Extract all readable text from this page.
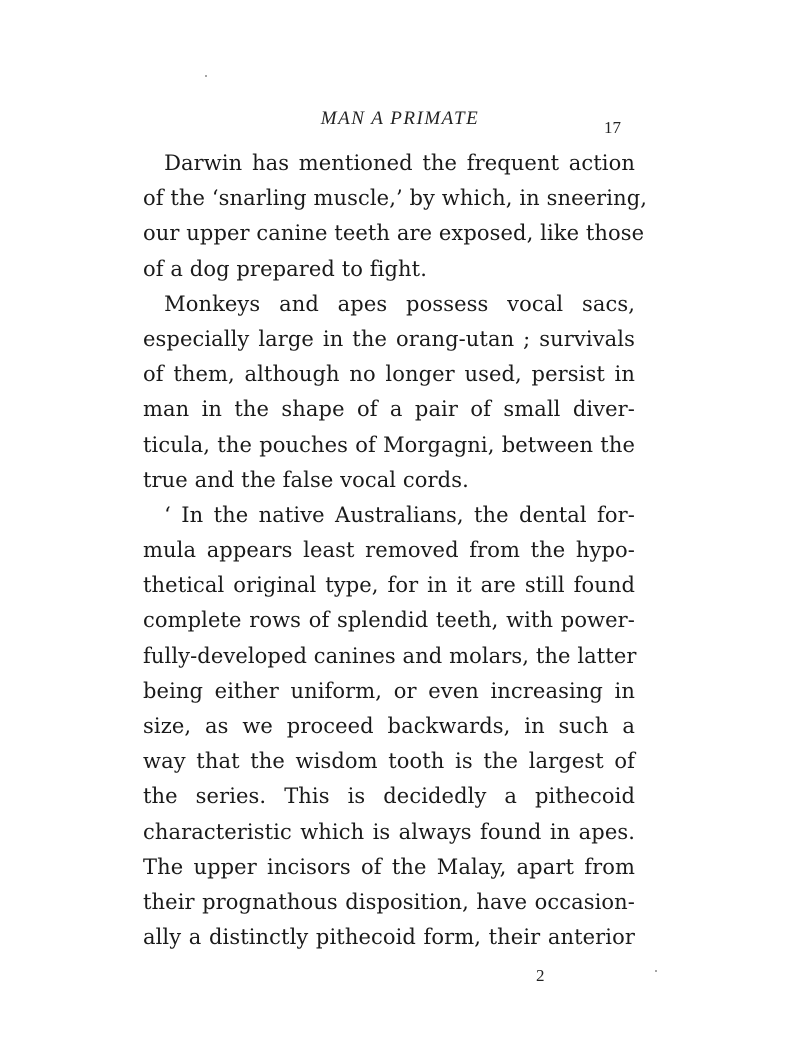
MAN A PRIMATE	17
 Darwin has mentioned the frequent action
of the ‘snarling muscle,’ by which, in sneering,
our upper canine teeth are exposed, like those
of a dog prepared to fight.
 Monkeys and apes possess vocal sacs,
especially large in the orang-utan ; survivals
of them, although no longer used, persist in
man in the shape of a pair of small diver-
ticula, the pouches of Morgagni, between the
true and the false vocal cords.
 ‘ In the native Australians, the dental for-
mula appears least removed from the hypo-
thetical original type, for in it are still found
complete rows of splendid teeth, with power-
fully-developed canines and molars, the latter
being either uniform, or even increasing in
size, as we proceed backwards, in such a
way that the wisdom tooth is the largest of
the series. This is decidedly a pithecoid
characteristic which is always found in apes.
The upper incisors of the Malay, apart from
their prognathous disposition, have occasion-
ally a distinctly pithecoid form, their anterior
2
